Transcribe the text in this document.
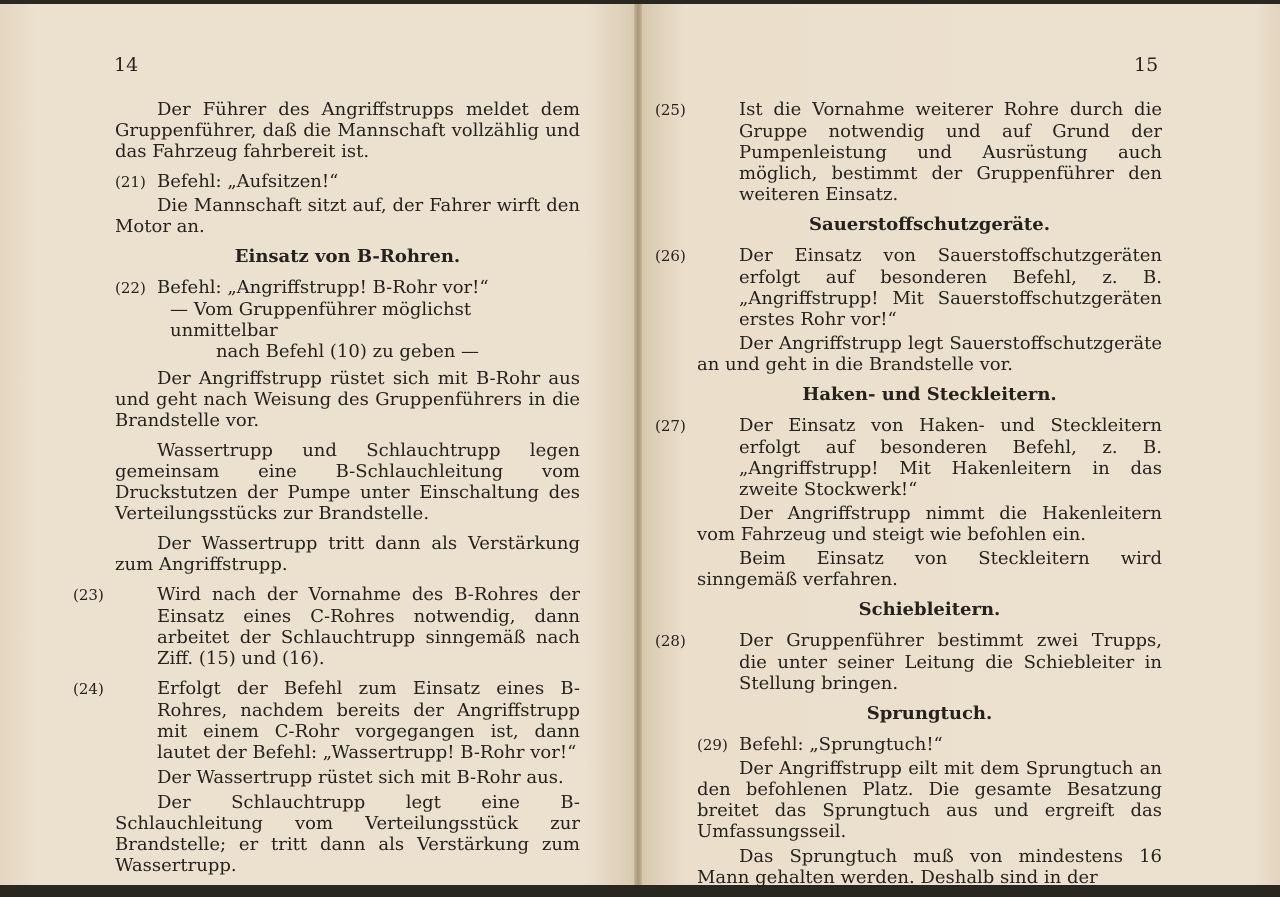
14	15

Der Führer des Angriffstrupps meldet dem Gruppenführer, daß die Mannschaft vollzählig und das Fahrzeug fahrbereit ist.

(21) Befehl: „Aufsitzen!“

Die Mannschaft sitzt auf, der Fahrer wirft den Motor an.

Einsatz von B-Rohren.

(22) Befehl: „Angriffstrupp! B-Rohr vor!“

— Vom Gruppenführer möglichst unmittelbar

nach Befehl (10) zu geben —

Der Angriffstrupp rüstet sich mit B-Rohr aus und geht nach Weisung des Gruppenführers in die Brandstelle vor.

Wassertrupp und Schlauchtrupp legen gemeinsam eine B-Schlauchleitung vom Druckstutzen der Pumpe unter Einschaltung des Verteilungsstücks zur Brandstelle.

Der Wassertrupp tritt dann als Verstärkung zum Angriffstrupp.

(23)	Wird nach der Vornahme des B-Rohres der Einsatz eines C-Rohres notwendig, dann arbeitet der Schlauchtrupp sinngemäß nach Ziff. (15) und (16).

(24)	Erfolgt der Befehl zum Einsatz eines B-Rohres, nachdem bereits der Angriffstrupp mit einem C-Rohr vorgegangen ist, dann lautet der Befehl: „Wassertrupp! B-Rohr vor!“

Der Wassertrupp rüstet sich mit B-Rohr aus.

Der Schlauchtrupp legt eine B-Schlauchleitung vom Verteilungsstück zur Brandstelle; er tritt dann als Verstärkung zum Wassertrupp.

(25)	Ist die Vornahme weiterer Rohre durch die Gruppe notwendig und auf Grund der Pumpenleistung und Ausrüstung auch möglich, bestimmt der Gruppenführer den weiteren Einsatz.

Sauerstoffschutzgeräte.

(26)	Der Einsatz von Sauerstoffschutzgeräten erfolgt auf besonderen Befehl, z. B. „Angriffstrupp! Mit Sauerstoffschutzgeräten erstes Rohr vor!“

Der Angriffstrupp legt Sauerstoffschutzgeräte an und geht in die Brandstelle vor.

Haken- und Steckleitern.

(27)	Der Einsatz von Haken- und Steckleitern erfolgt auf besonderen Befehl, z. B. „Angriffstrupp! Mit Hakenleitern in das zweite Stockwerk!“

Der Angriffstrupp nimmt die Hakenleitern vom Fahrzeug und steigt wie befohlen ein.

Beim Einsatz von Steckleitern wird sinngemäß verfahren.

Schiebleitern.

(28)	Der Gruppenführer bestimmt zwei Trupps, die unter seiner Leitung die Schiebleiter in Stellung bringen.

Sprungtuch.

(29) Befehl: „Sprungtuch!“

Der Angriffstrupp eilt mit dem Sprungtuch an den befohlenen Platz. Die gesamte Besatzung breitet das Sprungtuch aus und ergreift das Umfassungsseil.

Das Sprungtuch muß von mindestens 16 Mann gehalten werden. Deshalb sind in der
